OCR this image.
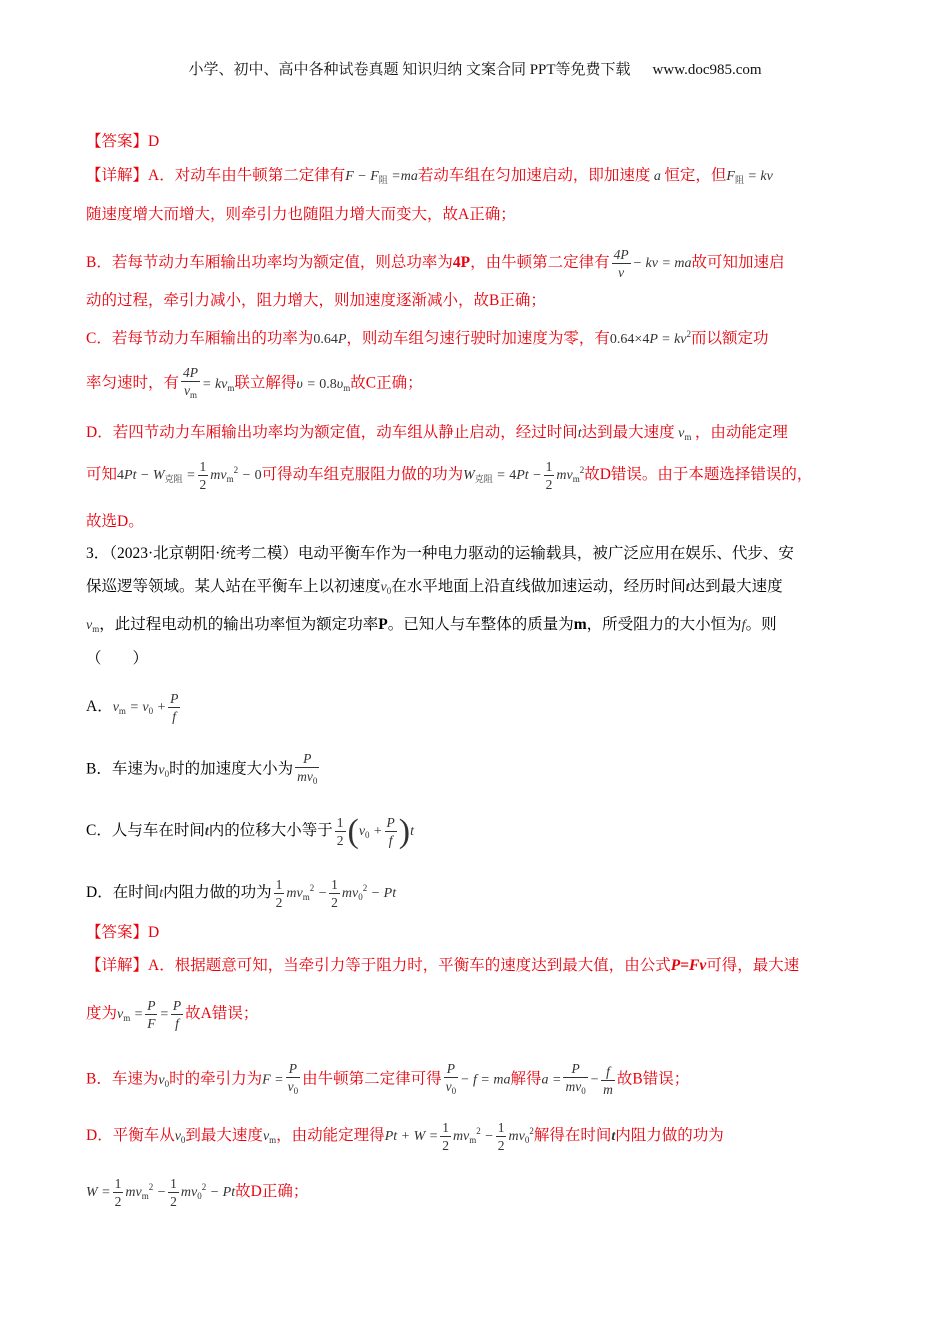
小学、初中、高中各种试卷真题 知识归纳 文案合同 PPT等免费下载 www.doc985.com
【答案】D
【详解】A．对动车由牛顿第二定律有$F - F_阻 =ma$若动车组在匀加速启动，即加速度 a 恒定，但$F_阻$ = kv
随速度增大而增大，则牵引力也随阻力增大而变大，故A正确；
B．若每节动力车厢输出功率均为额定值，则总功率为4P，由牛顿第二定律有 $\frac{4P}{v}$ − kv = ma故可知加速启
动的过程，牵引力减小，阻力增大，则加速度逐渐减小，故B正确；
C．若每节动力车厢输出的功率为0.64P，则动车组匀速行驶时加速度为零，有$0.64\times 4P = kv^2$而以额定功
率匀速时，有 $\frac{4P}{v_m} = kv_m$联立解得$\upsilon = 0.8\upsilon_m$故C正确；
D．若四节动力车厢输出功率均为额定值，动车组从静止启动，经过时间t达到最大速度 $v_m$ ，由动能定理
可知$4Pt - W_{克阻} = \frac{1}{2} mv_m^2 - 0$可得动车组克服阻力做的功为$W_{克阻} = 4Pt - \frac{1}{2} mv_m^2$故D错误。由于本题选择错误的，
故选D。
3．（2023·北京朝阳·统考二模）电动平衡车作为一种电力驱动的运输载具，被广泛应用在娱乐、代步、安
保巡逻等领域。某人站在平衡车上以初速度$v_0$在水平地面上沿直线做加速运动，经历时间t达到最大速度
$v_m$，此过程电动机的输出功率恒为额定功率P。已知人与车整体的质量为m，所受阻力的大小恒为f。则
（　　）
A．$v_m = v_0 + \frac{P}{f}$
B．车速为$v_0$时的加速度大小为 $\frac{P}{mv_0}$
C．人与车在时间t内的位移大小等于 $\frac{1}{2} (v_0 + \frac{P}{f} )t$
D．在时间t内阻力做的功为 $\frac{1}{2} mv_m^2 - \frac{1}{2} mv_0^2 - Pt$
【答案】D
【详解】A．根据题意可知，当牵引力等于阻力时，平衡车的速度达到最大值，由公式P=Fv可得，最大速
度为$v_m = \frac{P}{F} = \frac{P}{f}$ 故A错误；
B．车速为$v_0$时的牵引力为$F = \frac{P}{v_0}$ 由牛顿第二定律可得 $\frac{P}{v_0} - f$ = ma解得$a = \frac{P}{mv_0} - \frac{f}{m}$ 故B错误；
D．平衡车从$v_0$到最大速度$v_m$，由动能定理得$Pt + W = \frac{1}{2} mv_m^2 - \frac{1}{2} mv_0^2$解得在时间t内阻力做的功为
$W = \frac{1}{2} mv_m^2 - \frac{1}{2} mv_0^2 - Pt$故D正确；
